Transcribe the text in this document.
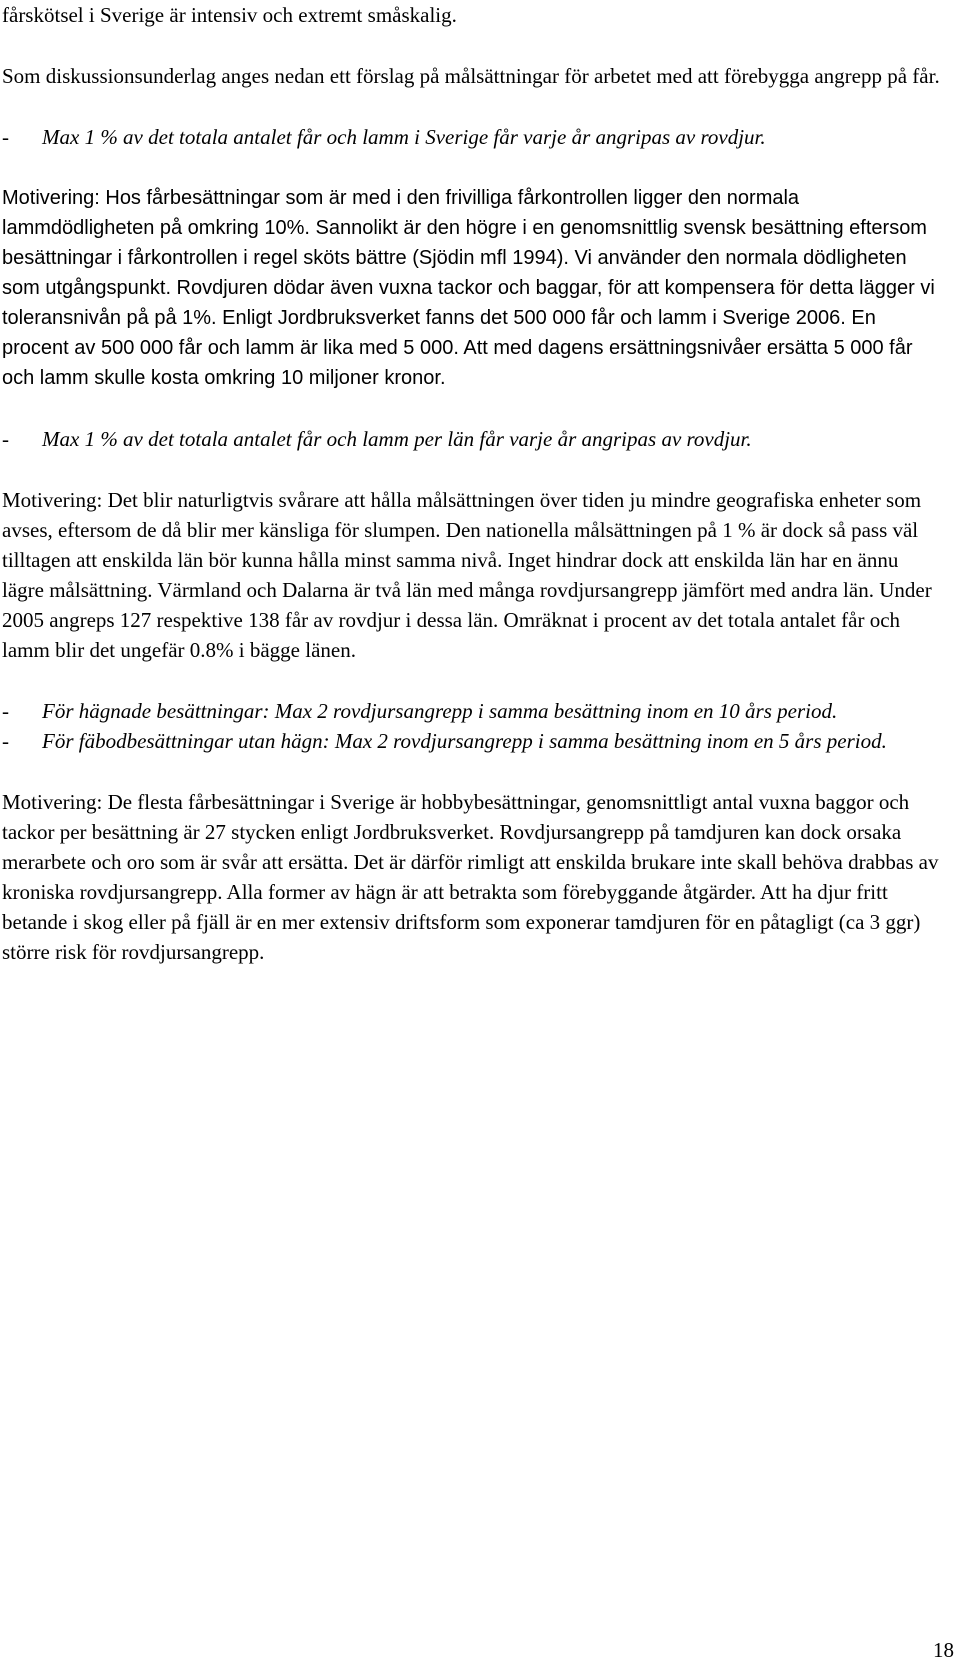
fårskötsel i Sverige är intensiv och extremt småskalig.

Som diskussionsunderlag anges nedan ett förslag på målsättningar för arbetet med att förebygga angrepp på får.

- Max 1 % av det totala antalet får och lamm i Sverige får varje år angripas av rovdjur.

Motivering: Hos fårbesättningar som är med i den frivilliga fårkontrollen ligger den normala lammdödligheten på omkring 10%. Sannolikt är den högre i en genomsnittlig svensk besättning eftersom besättningar i fårkontrollen i regel sköts bättre (Sjödin mfl 1994). Vi använder den normala dödligheten som utgångspunkt. Rovdjuren dödar även vuxna tackor och baggar, för att kompensera för detta lägger vi toleransnivån på på 1%. Enligt Jordbruksverket fanns det 500 000 får och lamm i Sverige 2006. En procent av 500 000 får och lamm är lika med 5 000. Att med dagens ersättningsnivåer ersätta 5 000 får och lamm skulle kosta omkring 10 miljoner kronor.

- Max 1 % av det totala antalet får och lamm per län får varje år angripas av rovdjur.

Motivering: Det blir naturligtvis svårare att hålla målsättningen över tiden ju mindre geografiska enheter som avses, eftersom de då blir mer känsliga för slumpen. Den nationella målsättningen på 1 % är dock så pass väl tilltagen att enskilda län bör kunna hålla minst samma nivå. Inget hindrar dock att enskilda län har en ännu lägre målsättning. Värmland och Dalarna är två län med många rovdjursangrepp jämfört med andra län. Under 2005 angreps 127 respektive 138 får av rovdjur i dessa län. Omräknat i procent av det totala antalet får och lamm blir det ungefär 0.8% i bägge länen.

- För hägnade besättningar: Max 2 rovdjursangrepp i samma besättning inom en 10 års period.
- För fäbodbesättningar utan hägn: Max 2 rovdjursangrepp i samma besättning inom en 5 års period.

Motivering: De flesta fårbesättningar i Sverige är hobbybesättningar, genomsnittligt antal vuxna baggor och tackor per besättning är 27 stycken enligt Jordbruksverket. Rovdjursangrepp på tamdjuren kan dock orsaka merarbete och oro som är svår att ersätta. Det är därför rimligt att enskilda brukare inte skall behöva drabbas av kroniska rovdjursangrepp. Alla former av hägn är att betrakta som förebyggande åtgärder. Att ha djur fritt betande i skog eller på fjäll är en mer extensiv driftsform som exponerar tamdjuren för en påtagligt (ca 3 ggr) större risk för rovdjursangrepp.

18
